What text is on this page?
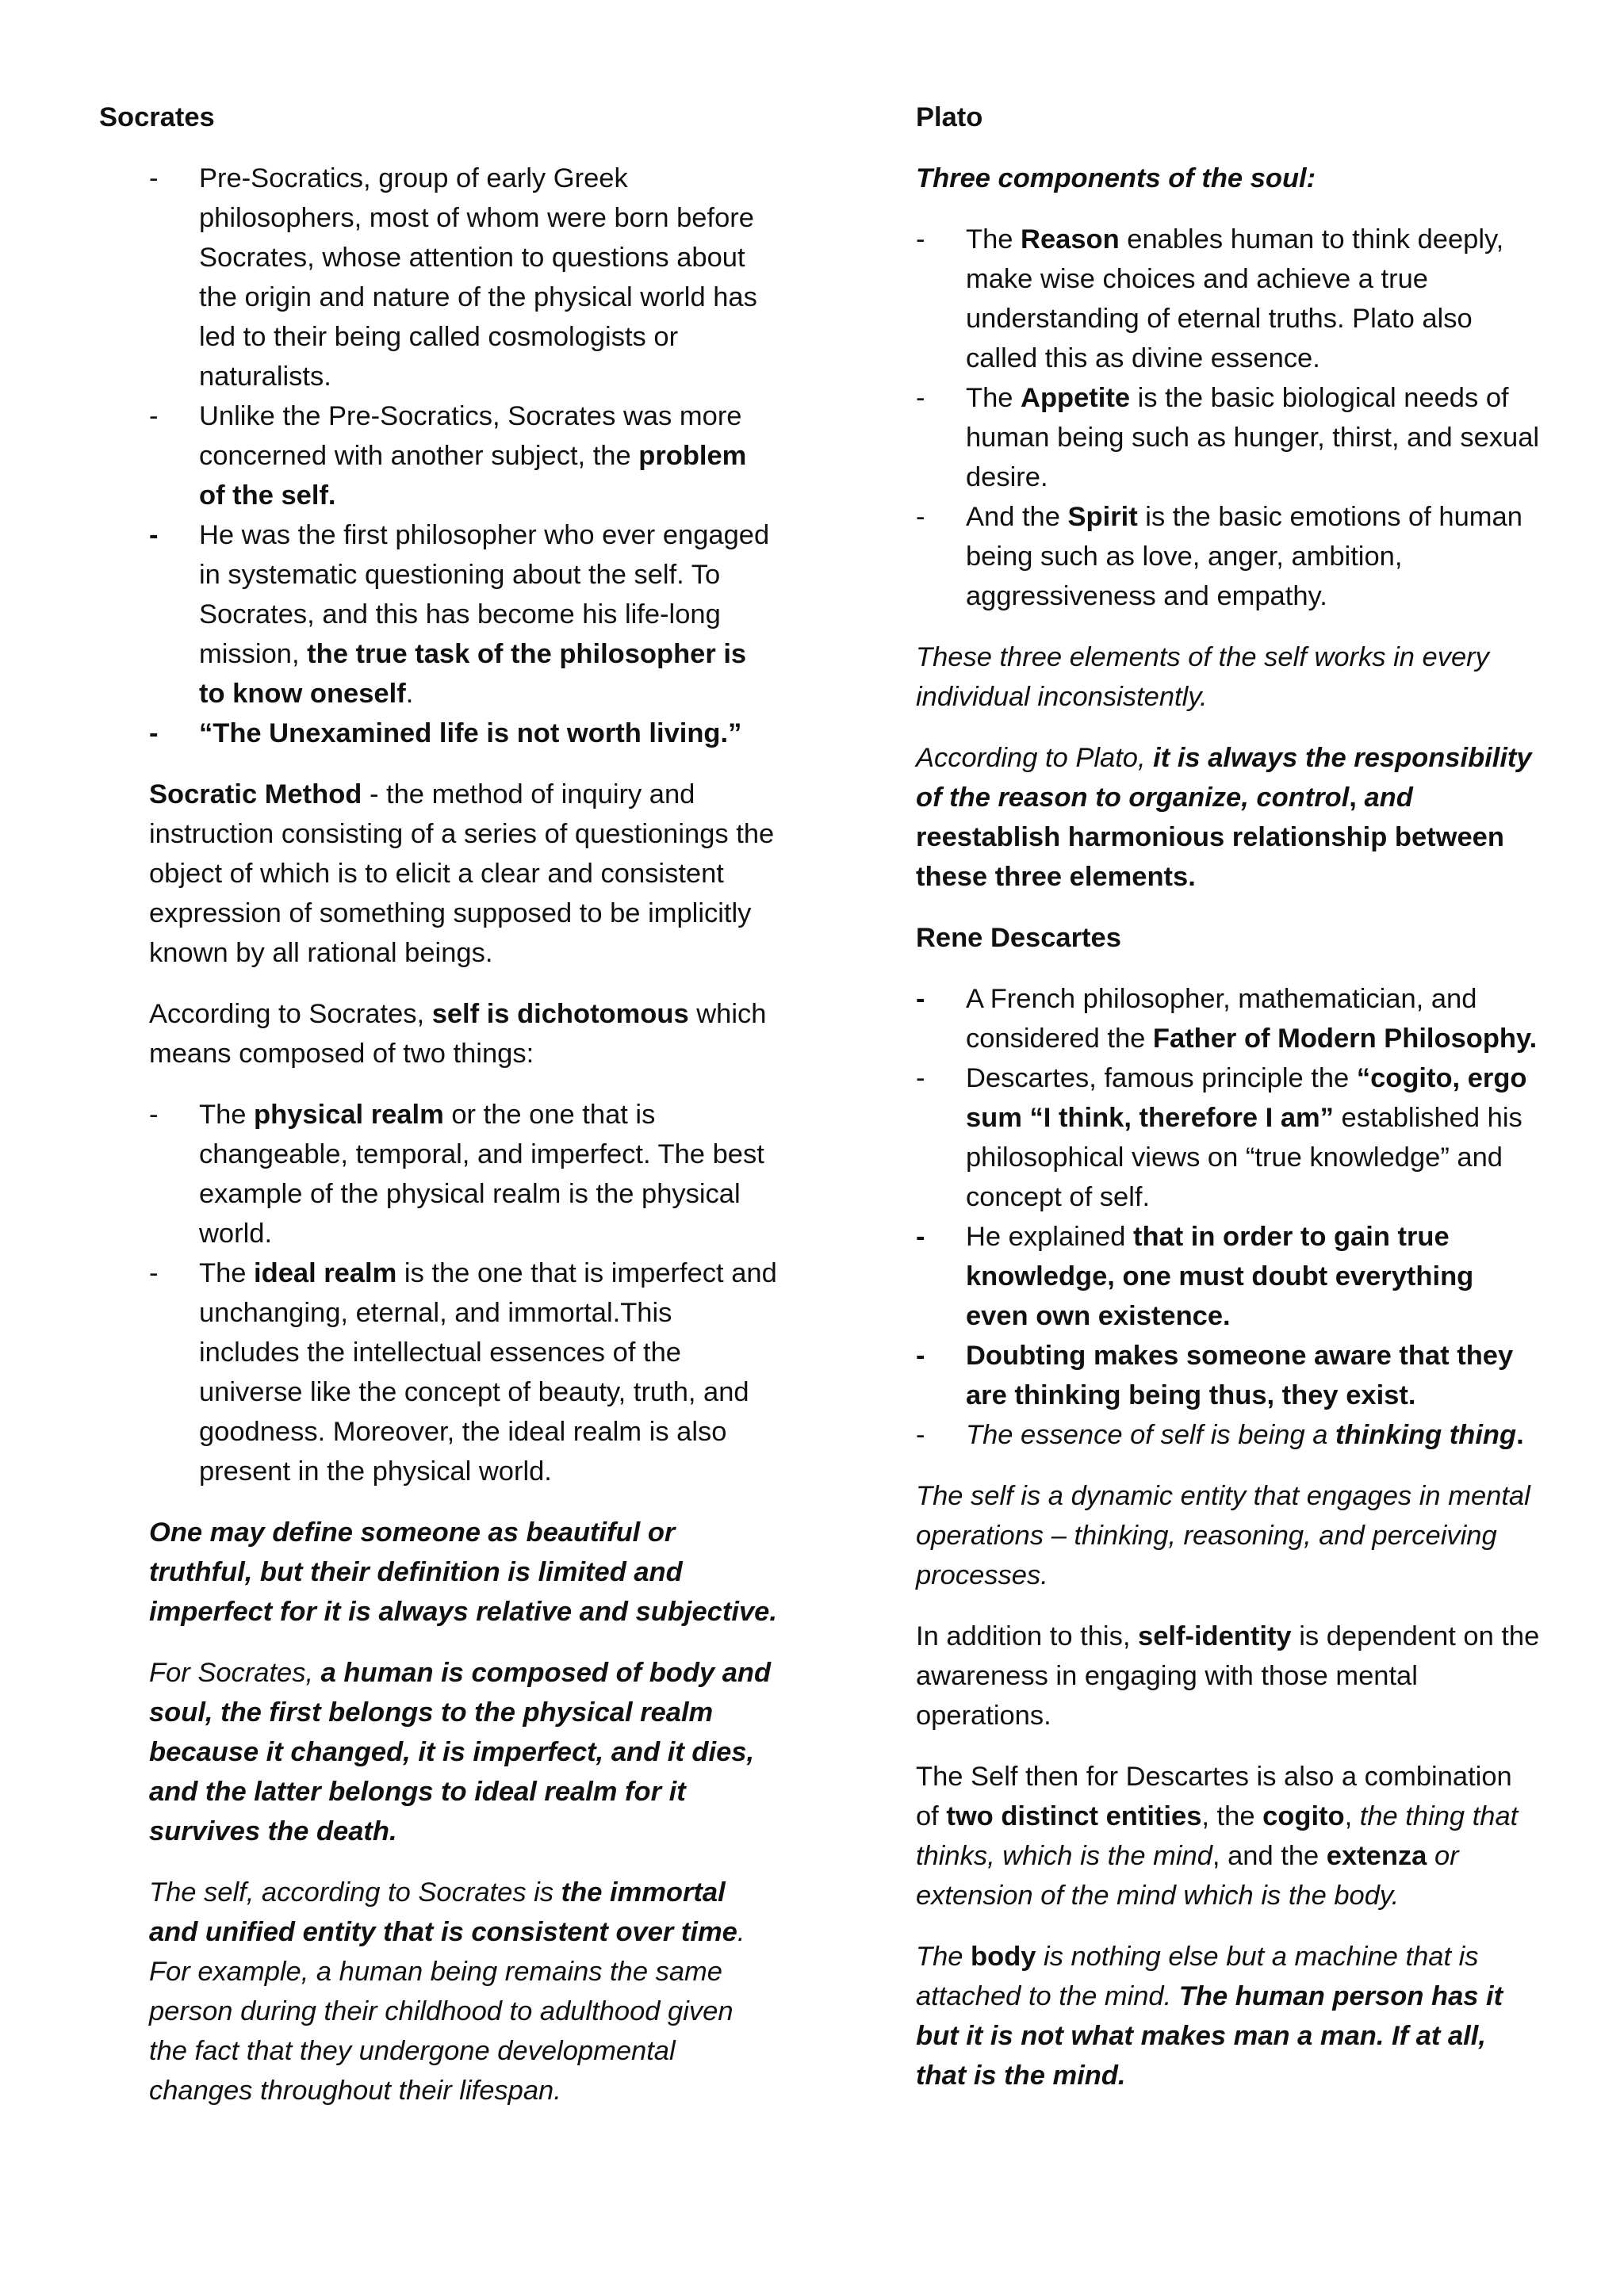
Socrates
- Pre-Socratics, group of early Greek philosophers, most of whom were born before Socrates, whose attention to questions about the origin and nature of the physical world has led to their being called cosmologists or naturalists.
- Unlike the Pre-Socratics, Socrates was more concerned with another subject, the problem of the self.
- He was the first philosopher who ever engaged in systematic questioning about the self. To Socrates, and this has become his life-long mission, the true task of the philosopher is to know oneself.
- “The Unexamined life is not worth living.”
Socratic Method - the method of inquiry and instruction consisting of a series of questionings the object of which is to elicit a clear and consistent expression of something supposed to be implicitly known by all rational beings.
According to Socrates, self is dichotomous which means composed of two things:
- The physical realm or the one that is changeable, temporal, and imperfect. The best example of the physical realm is the physical world.
- The ideal realm is the one that is imperfect and unchanging, eternal, and immortal.This includes the intellectual essences of the universe like the concept of beauty, truth, and goodness. Moreover, the ideal realm is also present in the physical world.
One may define someone as beautiful or truthful, but their definition is limited and imperfect for it is always relative and subjective.
For Socrates, a human is composed of body and soul, the first belongs to the physical realm because it changed, it is imperfect, and it dies, and the latter belongs to ideal realm for it survives the death.
The self, according to Socrates is the immortal and unified entity that is consistent over time. For example, a human being remains the same person during their childhood to adulthood given the fact that they undergone developmental changes throughout their lifespan.
Plato
Three components of the soul:
- The Reason enables human to think deeply, make wise choices and achieve a true understanding of eternal truths. Plato also called this as divine essence.
- The Appetite is the basic biological needs of human being such as hunger, thirst, and sexual desire.
- And the Spirit is the basic emotions of human being such as love, anger, ambition, aggressiveness and empathy.
These three elements of the self works in every individual inconsistently.
According to Plato, it is always the responsibility of the reason to organize, control, and reestablish harmonious relationship between these three elements.
Rene Descartes
- A French philosopher, mathematician, and considered the Father of Modern Philosophy.
- Descartes, famous principle the “cogito, ergo sum “I think, therefore I am” established his philosophical views on “true knowledge” and concept of self.
- He explained that in order to gain true knowledge, one must doubt everything even own existence.
- Doubting makes someone aware that they are thinking being thus, they exist.
- The essence of self is being a thinking thing.
The self is a dynamic entity that engages in mental operations – thinking, reasoning, and perceiving processes.
In addition to this, self-identity is dependent on the awareness in engaging with those mental operations.
The Self then for Descartes is also a combination of two distinct entities, the cogito, the thing that thinks, which is the mind, and the extenza or extension of the mind which is the body.
The body is nothing else but a machine that is attached to the mind. The human person has it but it is not what makes man a man. If at all, that is the mind.
